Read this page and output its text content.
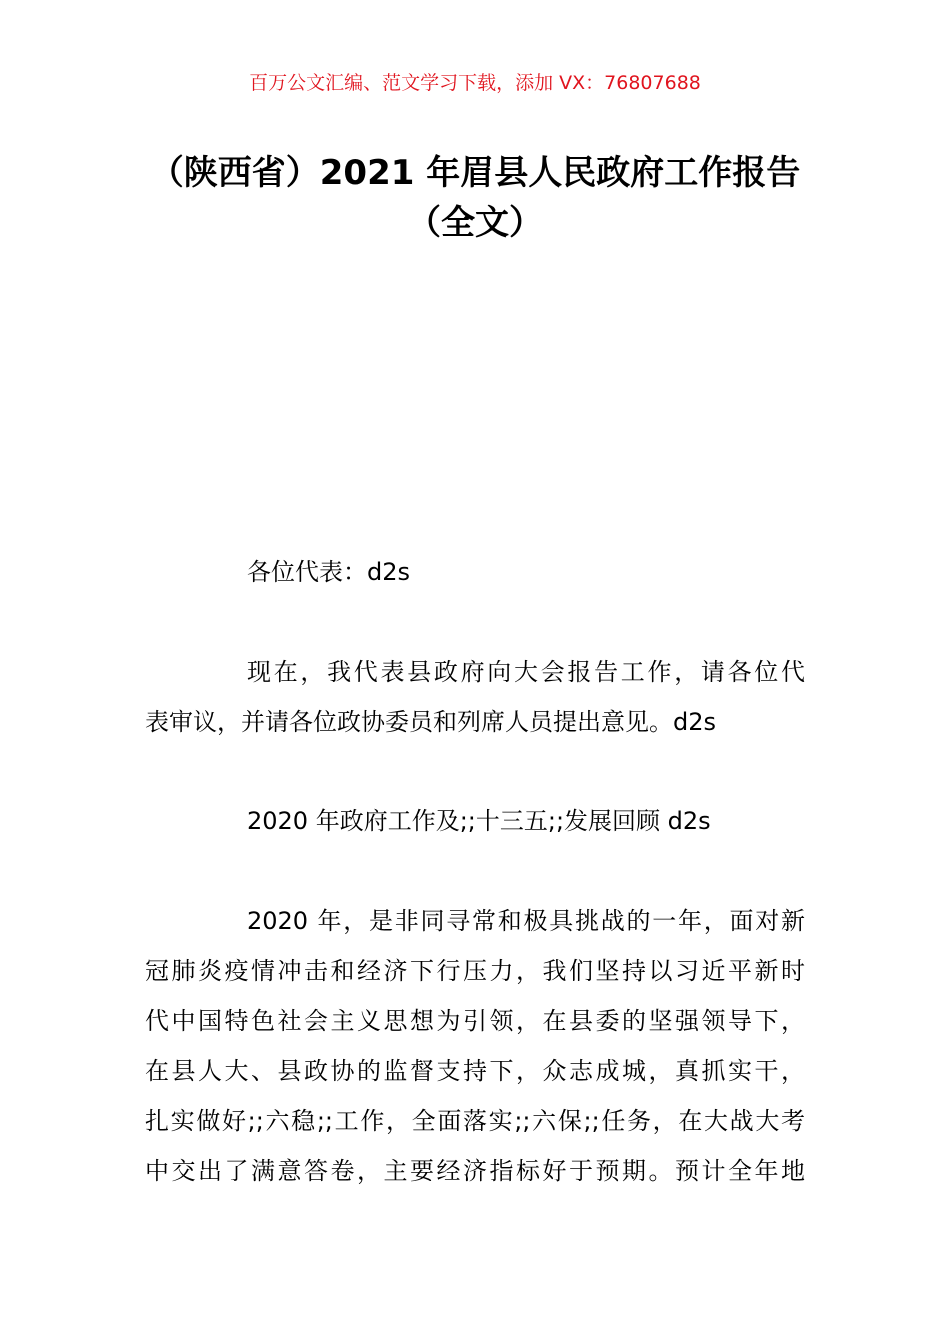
百万公文汇编、范文学习下载，添加 VX：76807688
（陕西省）2021 年眉县人民政府工作报告
（全文）
各位代表：d2s
现在，我代表县政府向大会报告工作，请各位代
表审议，并请各位政协委员和列席人员提出意见。d2s
2020 年政府工作及;;十三五;;发展回顾 d2s
2020 年，是非同寻常和极具挑战的一年，面对新
冠肺炎疫情冲击和经济下行压力，我们坚持以习近平新时
代中国特色社会主义思想为引领，在县委的坚强领导下，
在县人大、县政协的监督支持下，众志成城，真抓实干，
扎实做好;;六稳;;工作，全面落实;;六保;;任务，在大战大考
中交出了满意答卷，主要经济指标好于预期。预计全年地
